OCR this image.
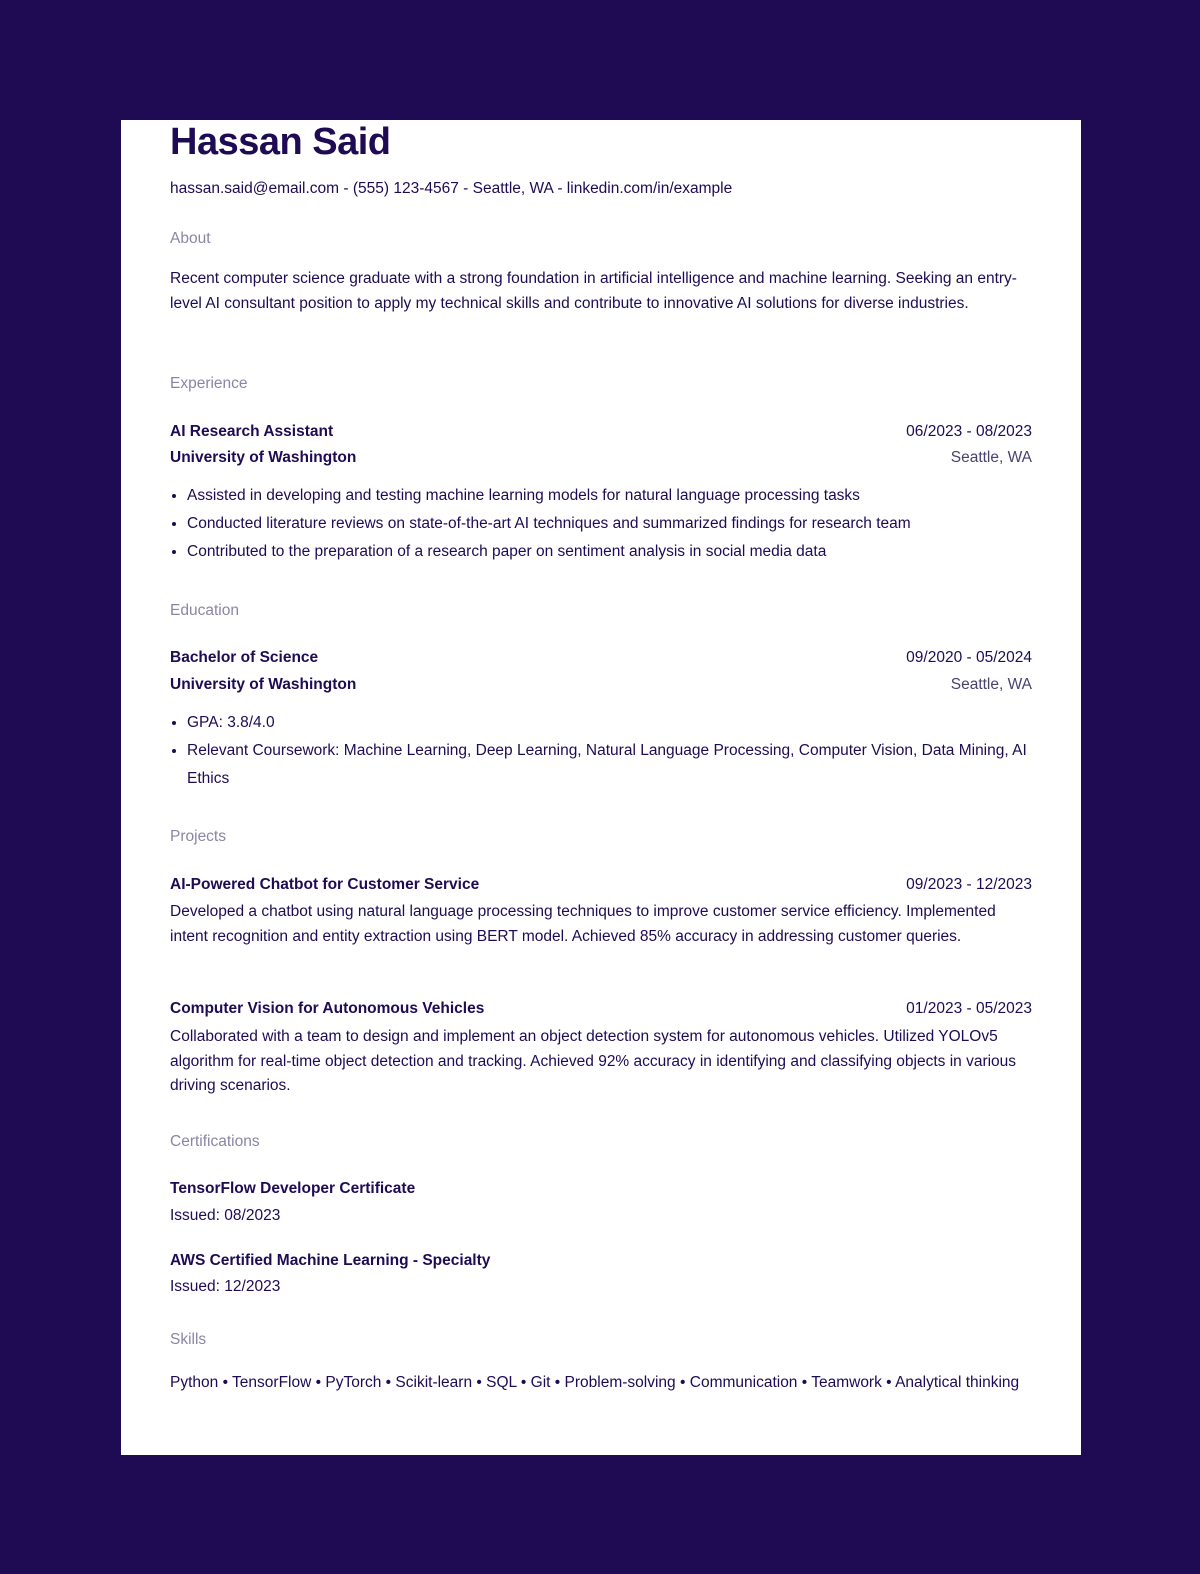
Hassan Said
hassan.said@email.com - (555) 123-4567 - Seattle, WA - linkedin.com/in/example
About
Recent computer science graduate with a strong foundation in artificial intelligence and machine learning. Seeking an entry-level AI consultant position to apply my technical skills and contribute to innovative AI solutions for diverse industries.
Experience
AI Research Assistant	06/2023 - 08/2023
University of Washington	Seattle, WA
• Assisted in developing and testing machine learning models for natural language processing tasks
• Conducted literature reviews on state-of-the-art AI techniques and summarized findings for research team
• Contributed to the preparation of a research paper on sentiment analysis in social media data
Education
Bachelor of Science	09/2020 - 05/2024
University of Washington	Seattle, WA
• GPA: 3.8/4.0
• Relevant Coursework: Machine Learning, Deep Learning, Natural Language Processing, Computer Vision, Data Mining, AI Ethics
Projects
AI-Powered Chatbot for Customer Service	09/2023 - 12/2023
Developed a chatbot using natural language processing techniques to improve customer service efficiency. Implemented intent recognition and entity extraction using BERT model. Achieved 85% accuracy in addressing customer queries.
Computer Vision for Autonomous Vehicles	01/2023 - 05/2023
Collaborated with a team to design and implement an object detection system for autonomous vehicles. Utilized YOLOv5 algorithm for real-time object detection and tracking. Achieved 92% accuracy in identifying and classifying objects in various driving scenarios.
Certifications
TensorFlow Developer Certificate
Issued: 08/2023
AWS Certified Machine Learning - Specialty
Issued: 12/2023
Skills
Python • TensorFlow • PyTorch • Scikit-learn • SQL • Git • Problem-solving • Communication • Teamwork • Analytical thinking
